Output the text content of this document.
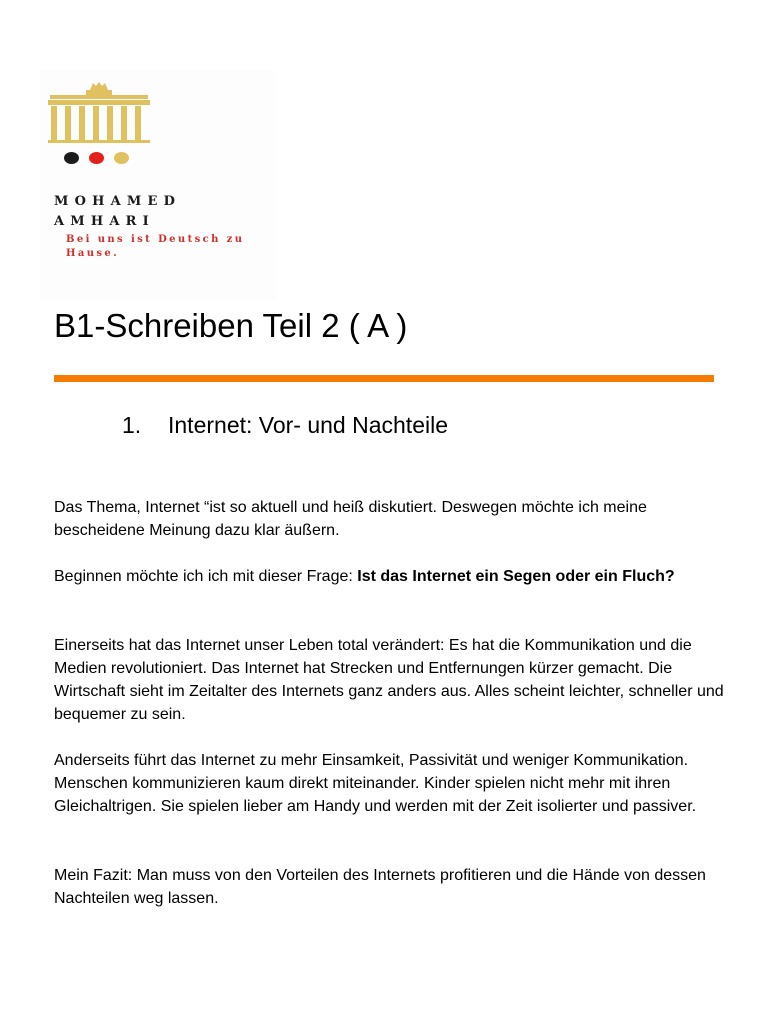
MOHAMED
AMHARI

Bei uns ist Deutsch zu Hause.

B1-Schreiben Teil 2 ( A )
1. Internet: Vor- und Nachteile

Das Thema, Internet “ist so aktuell und heiß diskutiert. Deswegen möchte ich meine bescheidene Meinung dazu klar äußern.

Beginnen möchte ich ich mit dieser Frage: Ist das Internet ein Segen oder ein Fluch?

Einerseits hat das Internet unser Leben total verändert: Es hat die Kommunikation und die Medien revolutioniert. Das Internet hat Strecken und Entfernungen kürzer gemacht. Die Wirtschaft sieht im Zeitalter des Internets ganz anders aus. Alles scheint leichter, schneller und bequemer zu sein.

Anderseits führt das Internet zu mehr Einsamkeit, Passivität und weniger Kommunikation. Menschen kommunizieren kaum direkt miteinander. Kinder spielen nicht mehr mit ihren Gleichaltrigen. Sie spielen lieber am Handy und werden mit der Zeit isolierter und passiver.

Mein Fazit: Man muss von den Vorteilen des Internets profitieren und die Hände von dessen Nachteilen weg lassen.
